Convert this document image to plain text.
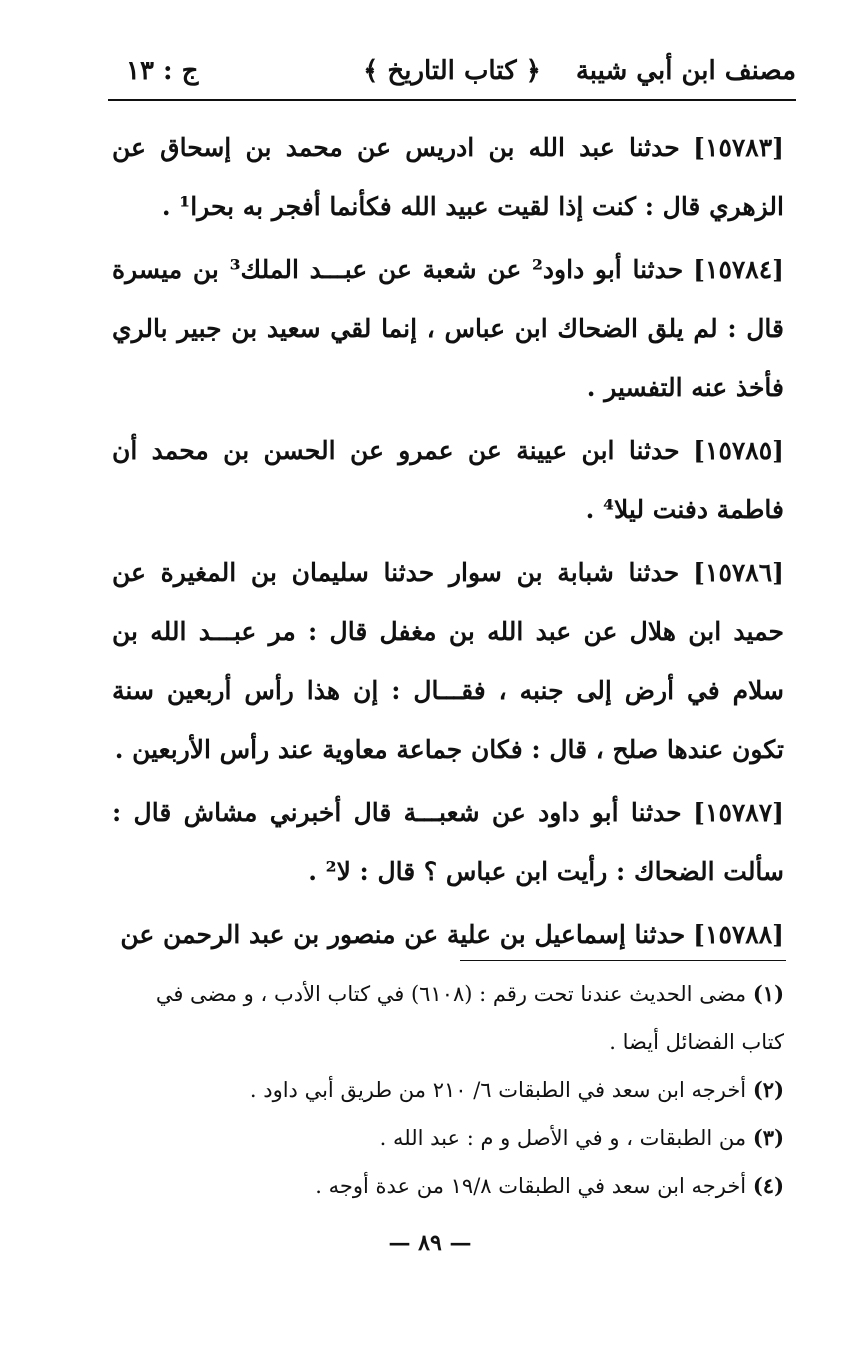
مصنف ابن أبي شيبة
﴿ كتاب التاريخ ﴾
ج : ١٣

[١٥٧٨٣] حدثنا عبد الله بن ادريس عن محمد بن إسحاق عن الزهري قال : كنت إذا لقيت عبيد الله فكأنما أفجر به بحرا¹ .

[١٥٧٨٤] حدثنا أبو داود² عن شعبة عن عبـــد الملك³ بن ميسرة قال : لم يلق الضحاك ابن عباس ، إنما لقي سعيد بن جبير بالري فأخذ عنه التفسير .

[١٥٧٨٥] حدثنا ابن عيينة عن عمرو عن الحسن بن محمد أن فاطمة دفنت ليلا⁴ .

[١٥٧٨٦] حدثنا شبابة بن سوار حدثنا سليمان بن المغيرة عن حميد ابن هلال عن عبد الله بن مغفل قال : مر عبـــد الله بن سلام في أرض إلى جنبه ، فقـــال : إن هذا رأس أربعين سنة تكون عندها صلح ، قال : فكان جماعة معاوية عند رأس الأربعين .

[١٥٧٨٧] حدثنا أبو داود عن شعبـــة قال أخبرني مشاش قال : سألت الضحاك : رأيت ابن عباس ؟ قال : لا² .

[١٥٧٨٨] حدثنا إسماعيل بن علية عن منصور بن عبد الرحمن عن

(١) مضى الحديث عندنا تحت رقم : (٦١٠٨) في كتاب الأدب ، و مضى في كتاب الفضائل أيضا .

(٢) أخرجه ابن سعد في الطبقات ٦/ ٢١٠ من طريق أبي داود .

(٣) من الطبقات ، و في الأصل و م : عبد الله .

(٤) أخرجه ابن سعد في الطبقات ١٩/٨ من عدة أوجه .

— ٨٩ —
